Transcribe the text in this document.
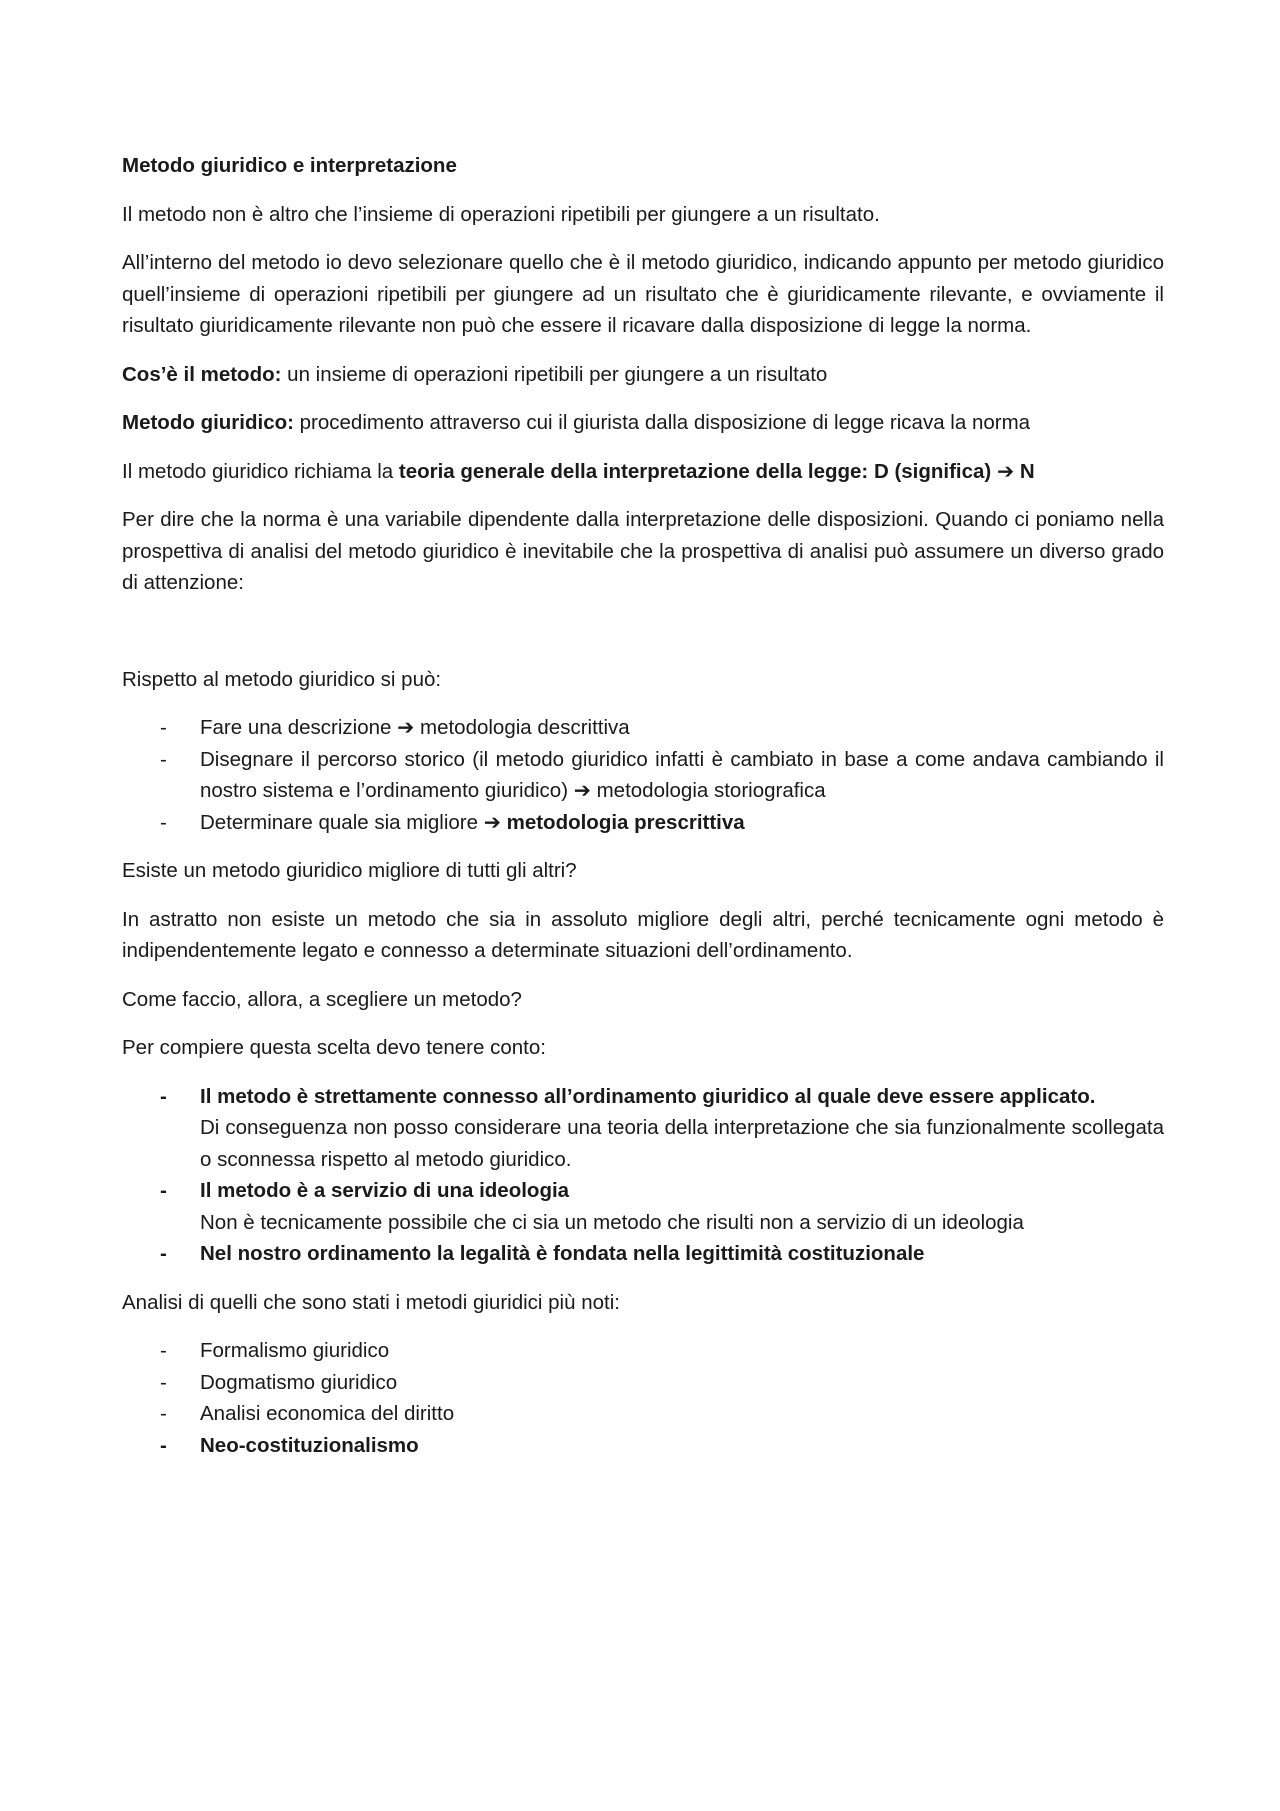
Metodo giuridico e interpretazione

Il metodo non è altro che l’insieme di operazioni ripetibili per giungere a un risultato.

All’interno del metodo io devo selezionare quello che è il metodo giuridico, indicando appunto per metodo giuridico quell’insieme di operazioni ripetibili per giungere ad un risultato che è giuridicamente rilevante, e ovviamente il risultato giuridicamente rilevante non può che essere il ricavare dalla disposizione di legge la norma.

Cos’è il metodo: un insieme di operazioni ripetibili per giungere a un risultato

Metodo giuridico: procedimento attraverso cui il giurista dalla disposizione di legge ricava la norma

Il metodo giuridico richiama la teoria generale della interpretazione della legge: D (significa) ➔ N

Per dire che la norma è una variabile dipendente dalla interpretazione delle disposizioni. Quando ci poniamo nella prospettiva di analisi del metodo giuridico è inevitabile che la prospettiva di analisi può assumere un diverso grado di attenzione:

Rispetto al metodo giuridico si può:

-	Fare una descrizione ➔ metodologia descrittiva
-	Disegnare il percorso storico (il metodo giuridico infatti è cambiato in base a come andava cambiando il nostro sistema e l’ordinamento giuridico) ➔ metodologia storiografica
-	Determinare quale sia migliore ➔ metodologia prescrittiva

Esiste un metodo giuridico migliore di tutti gli altri?

In astratto non esiste un metodo che sia in assoluto migliore degli altri, perché tecnicamente ogni metodo è indipendentemente legato e connesso a determinate situazioni dell’ordinamento.

Come faccio, allora, a scegliere un metodo?

Per compiere questa scelta devo tenere conto:

-	Il metodo è strettamente connesso all’ordinamento giuridico al quale deve essere applicato.
Di conseguenza non posso considerare una teoria della interpretazione che sia funzionalmente scollegata o sconnessa rispetto al metodo giuridico.
-	Il metodo è a servizio di una ideologia
Non è tecnicamente possibile che ci sia un metodo che risulti non a servizio di un ideologia
-	Nel nostro ordinamento la legalità è fondata nella legittimità costituzionale

Analisi di quelli che sono stati i metodi giuridici più noti:

-	Formalismo giuridico
-	Dogmatismo giuridico
-	Analisi economica del diritto
-	Neo-costituzionalismo
